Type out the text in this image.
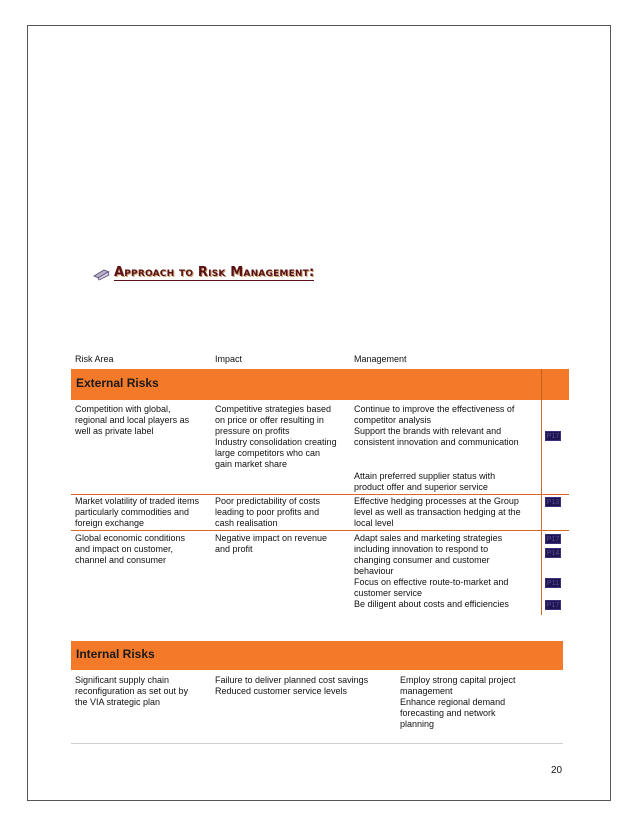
Approach to Risk Management:
Risk Area	Impact	Management
External Risks
Competition with global,
regional and local players as
well as private label
Competitive strategies based
on price or offer resulting in
pressure on profits
Industry consolidation creating
large competitors who can
gain market share
Continue to improve the effectiveness of
competitor analysis
Support the brands with relevant and
consistent innovation and communication
Attain preferred supplier status with
product offer and superior service
P17
Market volatility of traded items
particularly commodities and
foreign exchange
Poor predictability of costs
leading to poor profits and
cash realisation
Effective hedging processes at the Group
level as well as transaction hedging at the
local level
P13
Global economic conditions
and impact on customer,
channel and consumer
Negative impact on revenue
and profit
Adapt sales and marketing strategies
including innovation to respond to
changing consumer and customer
behaviour
Focus on effective route-to-market and
customer service
Be diligent about costs and efficiencies
P17
P14
P11
P17
Internal Risks
Significant supply chain
reconfiguration as set out by
the VIA strategic plan
Failure to deliver planned cost savings
Reduced customer service levels
Employ strong capital project
management
Enhance regional demand
forecasting and network
planning
20
